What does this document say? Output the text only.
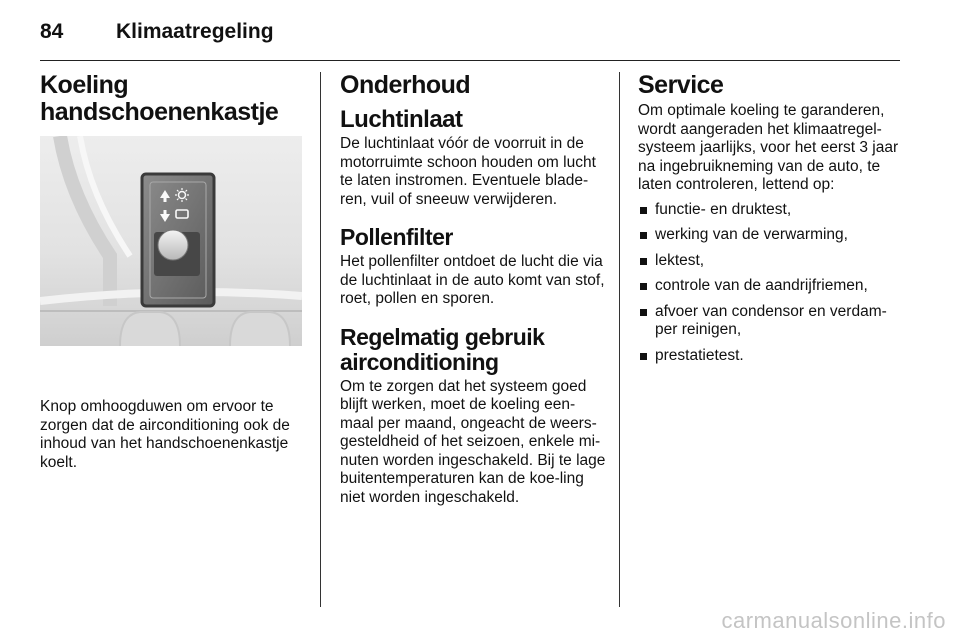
84	Klimaatregeling
Koeling
handschoenenkastje

Knop omhoogduwen om ervoor te zorgen dat de airconditioning ook de inhoud van het handschoenenkastje koelt.

Onderhoud
Luchtinlaat

De luchtinlaat vóór de voorruit in de motorruimte schoon houden om lucht te laten instromen. Eventuele blade-ren, vuil of sneeuw verwijderen.

Pollenfilter

Het pollenfilter ontdoet de lucht die via de luchtinlaat in de auto komt van stof, roet, pollen en sporen.

Regelmatig gebruik
airconditioning

Om te zorgen dat het systeem goed blijft werken, moet de koeling een-maal per maand, ongeacht de weers-gesteldheid of het seizoen, enkele mi-nuten worden ingeschakeld. Bij te lage buitentemperaturen kan de koe-ling niet worden ingeschakeld.

Service

Om optimale koeling te garanderen, wordt aangeraden het klimaatregel-systeem jaarlijks, voor het eerst 3 jaar na ingebruikneming van de auto, te laten controleren, lettend op:

functie- en druktest,
werking van de verwarming,
lektest,
controle van de aandrijfriemen,
afvoer van condensor en verdam-per reinigen,
prestatietest.
carmanualsonline.info
